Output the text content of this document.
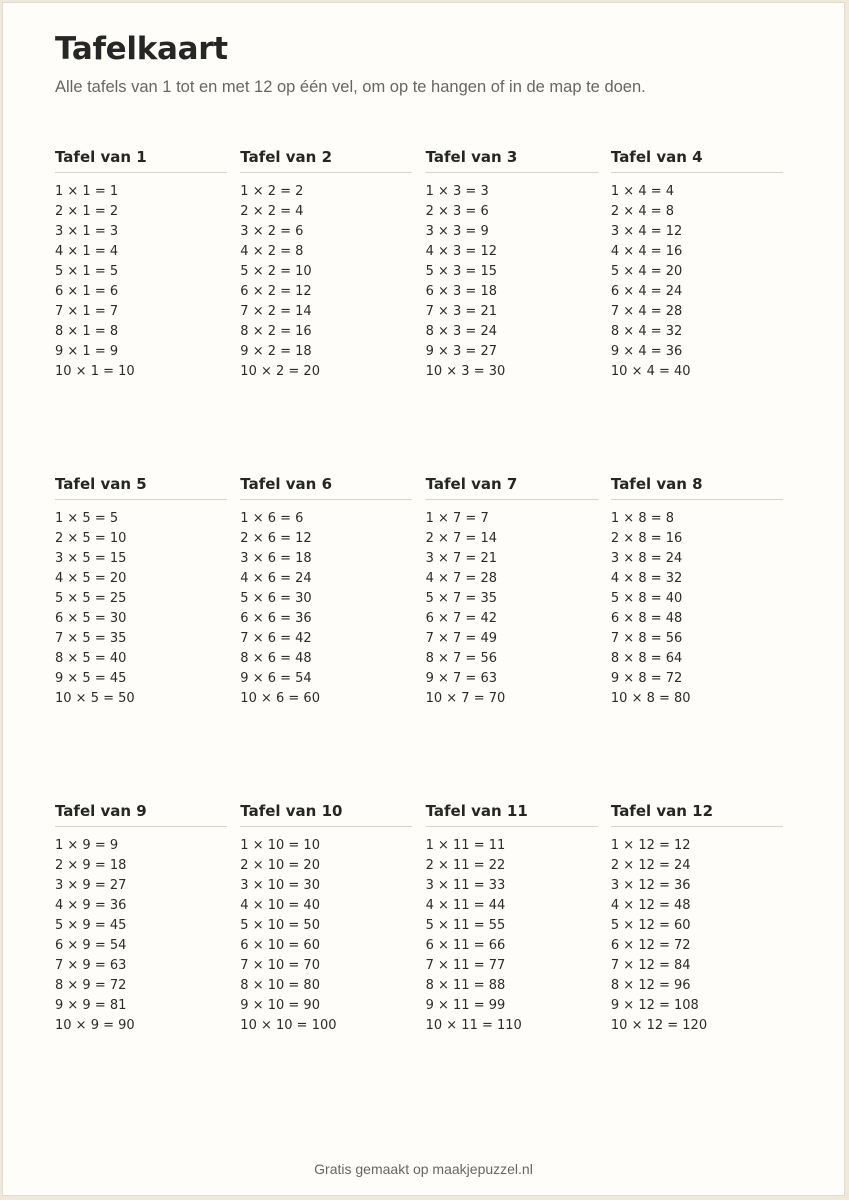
Tafelkaart

Alle tafels van 1 tot en met 12 op één vel, om op te hangen of in de map te doen.

Tafel van 1
1 × 1 = 1
2 × 1 = 2
3 × 1 = 3
4 × 1 = 4
5 × 1 = 5
6 × 1 = 6
7 × 1 = 7
8 × 1 = 8
9 × 1 = 9
10 × 1 = 10
Tafel van 2
1 × 2 = 2
2 × 2 = 4
3 × 2 = 6
4 × 2 = 8
5 × 2 = 10
6 × 2 = 12
7 × 2 = 14
8 × 2 = 16
9 × 2 = 18
10 × 2 = 20
Tafel van 3
1 × 3 = 3
2 × 3 = 6
3 × 3 = 9
4 × 3 = 12
5 × 3 = 15
6 × 3 = 18
7 × 3 = 21
8 × 3 = 24
9 × 3 = 27
10 × 3 = 30
Tafel van 4
1 × 4 = 4
2 × 4 = 8
3 × 4 = 12
4 × 4 = 16
5 × 4 = 20
6 × 4 = 24
7 × 4 = 28
8 × 4 = 32
9 × 4 = 36
10 × 4 = 40
Tafel van 5
1 × 5 = 5
2 × 5 = 10
3 × 5 = 15
4 × 5 = 20
5 × 5 = 25
6 × 5 = 30
7 × 5 = 35
8 × 5 = 40
9 × 5 = 45
10 × 5 = 50
Tafel van 6
1 × 6 = 6
2 × 6 = 12
3 × 6 = 18
4 × 6 = 24
5 × 6 = 30
6 × 6 = 36
7 × 6 = 42
8 × 6 = 48
9 × 6 = 54
10 × 6 = 60
Tafel van 7
1 × 7 = 7
2 × 7 = 14
3 × 7 = 21
4 × 7 = 28
5 × 7 = 35
6 × 7 = 42
7 × 7 = 49
8 × 7 = 56
9 × 7 = 63
10 × 7 = 70
Tafel van 8
1 × 8 = 8
2 × 8 = 16
3 × 8 = 24
4 × 8 = 32
5 × 8 = 40
6 × 8 = 48
7 × 8 = 56
8 × 8 = 64
9 × 8 = 72
10 × 8 = 80
Tafel van 9
1 × 9 = 9
2 × 9 = 18
3 × 9 = 27
4 × 9 = 36
5 × 9 = 45
6 × 9 = 54
7 × 9 = 63
8 × 9 = 72
9 × 9 = 81
10 × 9 = 90
Tafel van 10
1 × 10 = 10
2 × 10 = 20
3 × 10 = 30
4 × 10 = 40
5 × 10 = 50
6 × 10 = 60
7 × 10 = 70
8 × 10 = 80
9 × 10 = 90
10 × 10 = 100
Tafel van 11
1 × 11 = 11
2 × 11 = 22
3 × 11 = 33
4 × 11 = 44
5 × 11 = 55
6 × 11 = 66
7 × 11 = 77
8 × 11 = 88
9 × 11 = 99
10 × 11 = 110
Tafel van 12
1 × 12 = 12
2 × 12 = 24
3 × 12 = 36
4 × 12 = 48
5 × 12 = 60
6 × 12 = 72
7 × 12 = 84
8 × 12 = 96
9 × 12 = 108
10 × 12 = 120
Gratis gemaakt op maakjepuzzel.nl
